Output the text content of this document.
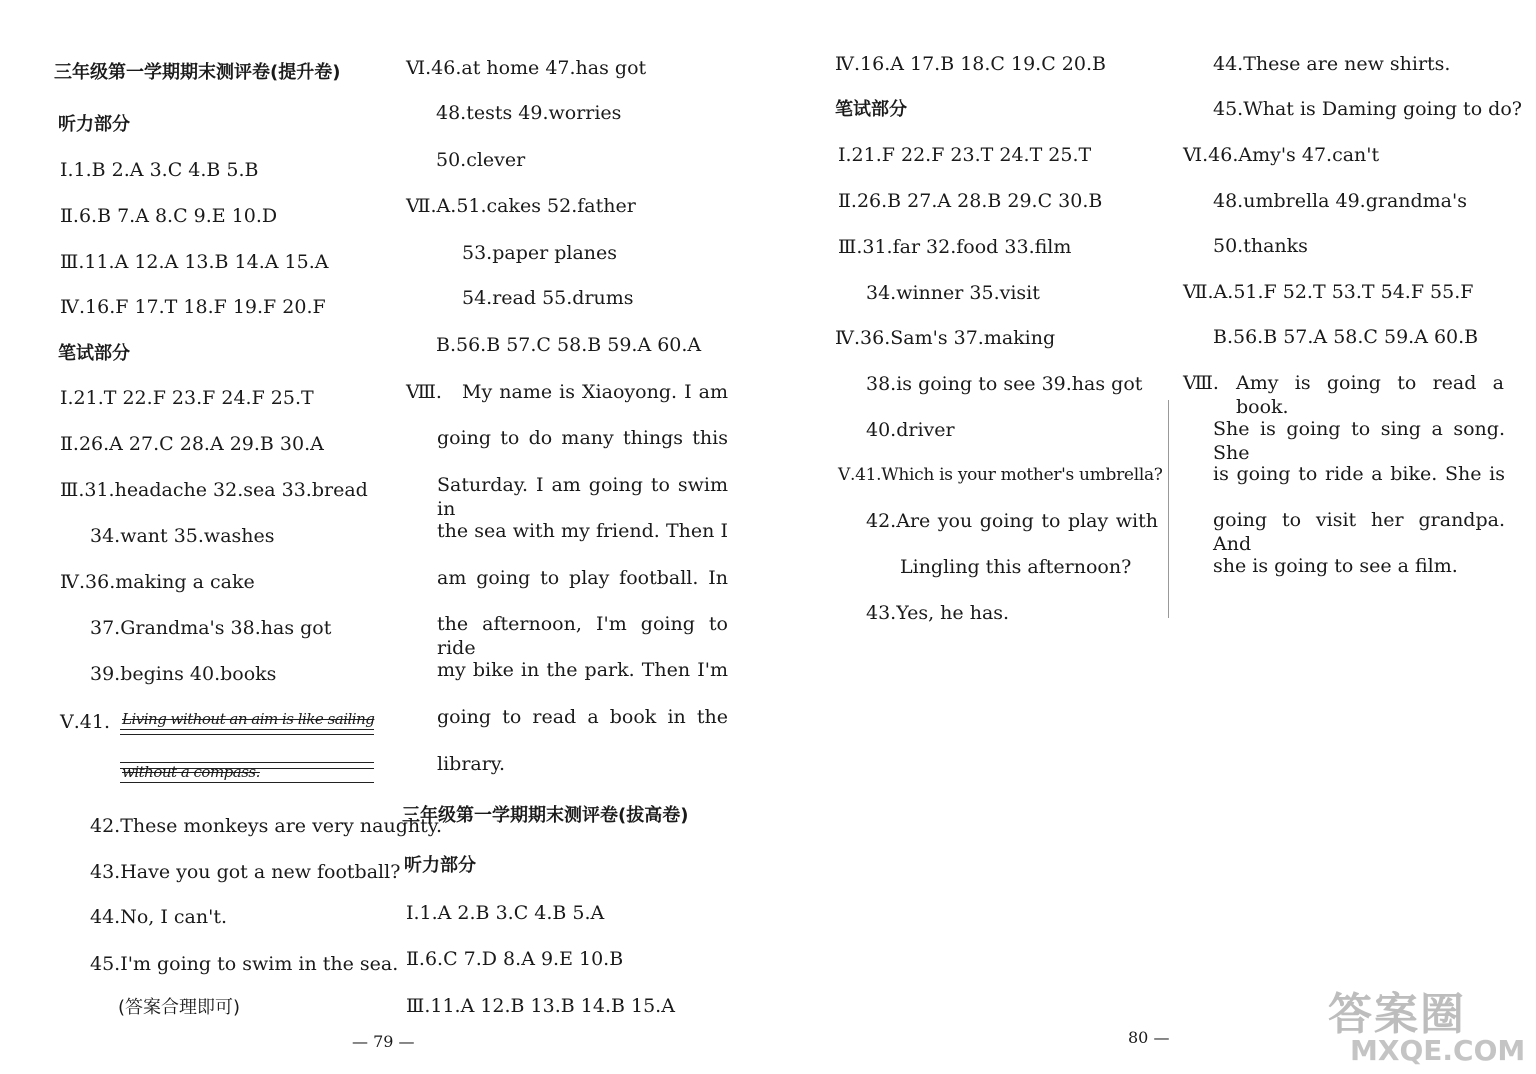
三年级第一学期期末测评卷(提升卷)
听力部分
Ⅰ.1.B 2.A 3.C 4.B 5.B
Ⅱ.6.B 7.A 8.C 9.E 10.D
Ⅲ.11.A 12.A 13.B 14.A 15.A
Ⅳ.16.F 17.T 18.F 19.F 20.F
笔试部分
Ⅰ.21.T 22.F 23.F 24.F 25.T
Ⅱ.26.A 27.C 28.A 29.B 30.A
Ⅲ.31.headache 32.sea 33.bread
34.want 35.washes
Ⅳ.36.making a cake
37.Grandma's 38.has got
39.begins 40.books
Ⅴ.41. Living without an aim is like sailing
without a compass.
42.These monkeys are very naughty.
43.Have you got a new football?
44.No, I can't.
45.I'm going to swim in the sea.
(答案合理即可)
Ⅵ.46.at home 47.has got
48.tests 49.worries
50.clever
Ⅶ.A.51.cakes 52.father
53.paper planes
54.read 55.drums
B.56.B 57.C 58.B 59.A 60.A
Ⅷ. My name is Xiaoyong. I am
going to do many things this
Saturday. I am going to swim in
the sea with my friend. Then I
am going to play football. In
the afternoon, I'm going to ride
my bike in the park. Then I'm
going to read a book in the
library.
三年级第一学期期末测评卷(拔高卷)
听力部分
Ⅰ.1.A 2.B 3.C 4.B 5.A
Ⅱ.6.C 7.D 8.A 9.E 10.B
Ⅲ.11.A 12.B 13.B 14.B 15.A
— 79 —
Ⅳ.16.A 17.B 18.C 19.C 20.B
笔试部分
Ⅰ.21.F 22.F 23.T 24.T 25.T
Ⅱ.26.B 27.A 28.B 29.C 30.B
Ⅲ.31.far 32.food 33.film
34.winner 35.visit
Ⅳ.36.Sam's 37.making
38.is going to see 39.has got
40.driver
Ⅴ.41.Which is your mother's umbrella?
42.Are you going to play with
Lingling this afternoon?
43.Yes, he has.
44.These are new shirts.
45.What is Daming going to do?
Ⅵ.46.Amy's 47.can't
48.umbrella 49.grandma's
50.thanks
Ⅶ.A.51.F 52.T 53.T 54.F 55.F
B.56.B 57.A 58.C 59.A 60.B
Ⅷ. Amy is going to read a book.
She is going to sing a song. She
is going to ride a bike. She is
going to visit her grandpa. And
she is going to see a film.
80 —	答案圈
MXQE.COM
